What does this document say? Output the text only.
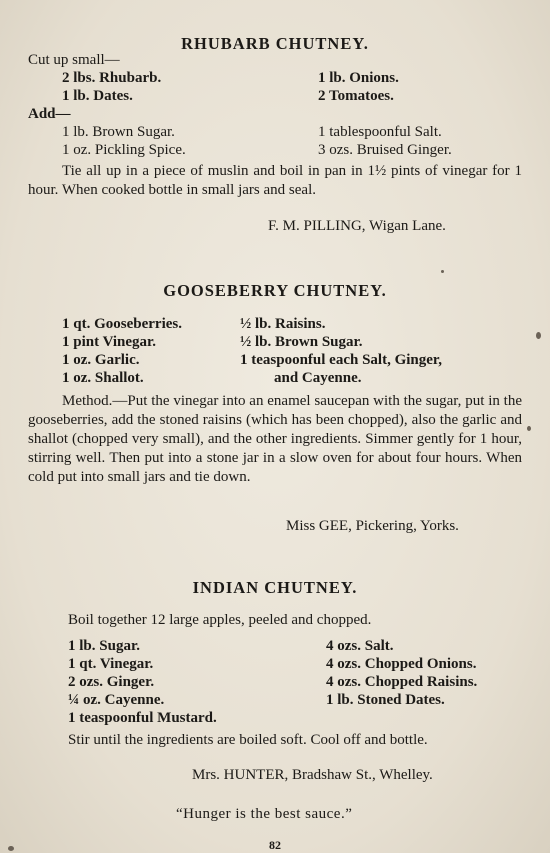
RHUBARB CHUTNEY.
Cut up small—
2 lbs. Rhubarb.	1 lb. Onions.
1 lb. Dates.	2 Tomatoes.
Add—
1 lb. Brown Sugar.	1 tablespoonful Salt.
1 oz. Pickling Spice.	3 ozs. Bruised Ginger.
Tie all up in a piece of muslin and boil in pan in 1½ pints of vinegar for 1 hour. When cooked bottle in small jars and seal.
F. M. PILLING, Wigan Lane.
GOOSEBERRY CHUTNEY.
1 qt. Gooseberries.	½ lb. Raisins.
1 pint Vinegar.	½ lb. Brown Sugar.
1 oz. Garlic.	1 teaspoonful each Salt, Ginger,
1 oz. Shallot.	and Cayenne.
Method.—Put the vinegar into an enamel saucepan with the sugar, put in the gooseberries, add the stoned raisins (which has been chopped), also the garlic and shallot (chopped very small), and the other ingredients. Simmer gently for 1 hour, stirring well. Then put into a stone jar in a slow oven for about four hours. When cold put into small jars and tie down.
Miss GEE, Pickering, Yorks.
INDIAN CHUTNEY.
Boil together 12 large apples, peeled and chopped.
1 lb. Sugar.	4 ozs. Salt.
1 qt. Vinegar.	4 ozs. Chopped Onions.
2 ozs. Ginger.	4 ozs. Chopped Raisins.
¼ oz. Cayenne.	1 lb. Stoned Dates.
1 teaspoonful Mustard.
Stir until the ingredients are boiled soft. Cool off and bottle.
Mrs. HUNTER, Bradshaw St., Whelley.
“Hunger is the best sauce.”
82
